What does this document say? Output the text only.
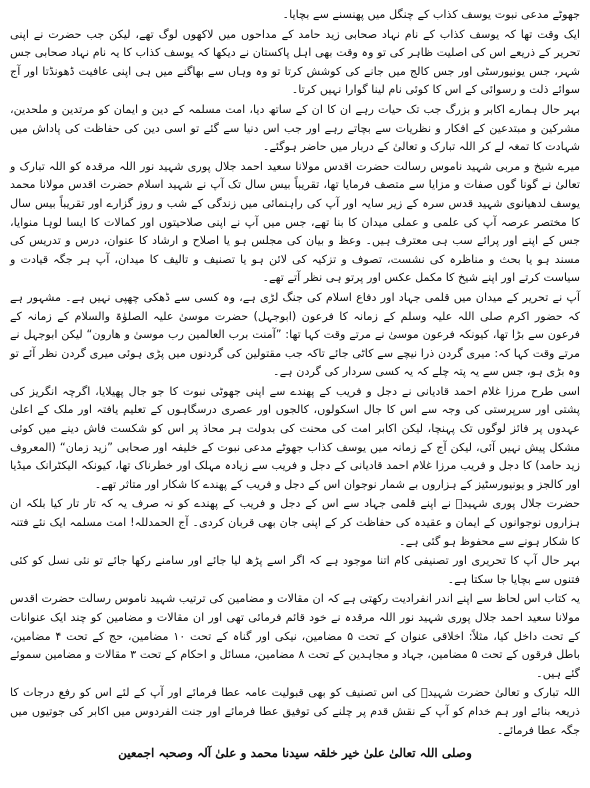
جھوٹے مدعی نبوت یوسف کذاب کے چنگل میں پھنسنے سے بچایا۔

ایک وقت تھا کہ یوسف کذاب کے نام نہاد صحابی زید حامد کے مداحوں میں لاکھوں لوگ تھے، لیکن جب حضرت نے اپنی تحریر کے ذریعے اس کی اصلیت ظاہر کی تو وہ وقت بھی اہل پاکستان نے دیکھا کہ یوسف کذاب کا یہ نام نہاد صحابی جس شہر، جس یونیورسٹی اور جس کالج میں جانے کی کوشش کرتا تو وہ وہاں سے بھاگنے میں ہی اپنی عافیت ڈھونڈتا اور آج سوائے ذلت و رسوائی کے اس کا کوئی نام لینا گوارا نہیں کرتا۔

بہر حال ہمارے اکابر و بزرگ جب تک حیات رہے ان کا ان کے ساتھ دیا، امت مسلمہ کے دین و ایمان کو مرتدین و ملحدین، مشرکین و مبتدعین کے افکار و نظریات سے بچاتے رہے اور جب اس دنیا سے گئے تو اسی دین کی حفاظت کی پاداش میں شہادت کا تمغہ لے کر اللہ تبارک و تعالیٰ کے دربار میں حاضر ہوگئے۔

میرے شیخ و مربی شہید ناموس رسالت حضرت اقدس مولانا سعید احمد جلال پوری شہید نور اللہ مرقدہ کو اللہ تبارک و تعالیٰ نے گونا گوں صفات و مزایا سے متصف فرمایا تھا، تقریباً بیس سال تک آپ نے شہید اسلام حضرت اقدس مولانا محمد یوسف لدھیانوی شہید قدس سرہ کے زیر سایہ اور آپ کی راہنمائی میں زندگی کے شب و روز گزارے اور تقریباً بیس سال کا مختصر عرصہ آپ کی علمی و عملی میدان کا بنا تھے، جس میں آپ نے اپنی صلاحیتوں اور کمالات کا ایسا لوہا منوایا، جس کے اپنے اور پرائے سب ہی معترف ہیں۔ وعظ و بیان کی مجلس ہو یا اصلاح و ارشاد کا عنوان، درس و تدریس کی مسند ہو یا بحث و مناظرہ کی نشست، تصوف و تزکیہ کی لائن ہو یا تصنیف و تالیف کا میدان، آپ ہر جگہ قیادت و سیاست کرتے اور اپنے شیخ کا مکمل عکس اور پرتو ہی نظر آتے تھے۔

آپ نے تحریر کے میدان میں قلمی جہاد اور دفاع اسلام کی جنگ لڑی ہے، وہ کسی سے ڈھکی چھپی نہیں ہے۔ مشہور ہے کہ حضور اکرم صلی اللہ علیہ وسلم کے زمانہ کا فرعون (ابوجہل) حضرت موسیٰ علیہ الصلوٰۃ والسلام کے زمانہ کے فرعون سے بڑا تھا، کیونکہ فرعون موسیٰ نے مرتے وقت کہا تھا: ”آمنت برب العالمین رب موسیٰ و ھارون“ لیکن ابوجہل نے مرتے وقت کہا کہ: میری گردن ذرا نیچے سے کاٹی جائے تاکہ جب مقتولین کی گردنوں میں پڑی ہوئی میری گردن نظر آئے تو وہ بڑی ہو، جس سے یہ پتہ چلے کہ یہ کسی سردار کی گردن ہے۔

اسی طرح مرزا غلام احمد قادیانی نے دجل و فریب کے پھندے سے اپنی جھوٹی نبوت کا جو جال پھیلایا، اگرچہ انگریز کی پشتی اور سرپرستی کی وجہ سے اس کا جال اسکولوں، کالجوں اور عصری درسگاہوں کے تعلیم یافتہ اور ملک کے اعلیٰ عہدوں پر فائز لوگوں تک پہنچا، لیکن اکابر امت کی محنت کی بدولت ہر محاذ پر اس کو شکست فاش دینے میں کوئی مشکل پیش نہیں آئی، لیکن آج کے زمانہ میں یوسف کذاب جھوٹے مدعی نبوت کے خلیفہ اور صحابی ”زید زمان“ (المعروف زید حامد) کا دجل و فریب مرزا غلام احمد قادیانی کے دجل و فریب سے زیادہ مہلک اور خطرناک تھا، کیونکہ الیکٹرانک میڈیا اور کالجز و یونیورسٹیز کے ہزاروں بے شمار نوجوان اس کے دجل و فریب کے پھندے کا شکار اور متاثر تھے۔

حضرت جلال پوری شہیدؒ نے اپنے قلمی جہاد سے اس کے دجل و فریب کے پھندے کو نہ صرف یہ کہ تار تار کیا بلکہ ان ہزاروں نوجوانوں کے ایمان و عقیدہ کی حفاظت کر کے اپنی جان بھی قربان کردی۔ آج الحمدللہ! امت مسلمہ ایک نئے فتنہ کا شکار ہونے سے محفوظ ہو گئی ہے۔

بہر حال آپ کا تحریری اور تصنیفی کام اتنا موجود ہے کہ اگر اسے پڑھ لیا جائے اور سامنے رکھا جائے تو نئی نسل کو کئی فتنوں سے بچایا جا سکتا ہے۔

یہ کتاب اس لحاظ سے اپنے اندر انفرادیت رکھتی ہے کہ ان مقالات و مضامین کی ترتیب شہید ناموس رسالت حضرت اقدس مولانا سعید احمد جلال پوری شہید نور اللہ مرقدہ نے خود قائم فرمائی تھی اور ان مقالات و مضامین کو چند ایک عنوانات کے تحت داخل کیا، مثلاً: اخلاقی عنوان کے تحت ۵ مضامین، نیکی اور گناہ کے تحت ۱۰ مضامین، حج کے تحت ۴ مضامین، باطل فرقوں کے تحت ۵ مضامین، جہاد و مجاہدین کے تحت ۸ مضامین، مسائل و احکام کے تحت ۳ مقالات و مضامین سموئے گئے ہیں۔

اللہ تبارک و تعالیٰ حضرت شہیدؒ کی اس تصنیف کو بھی قبولیت عامہ عطا فرمائے اور آپ کے لئے اس کو رفع درجات کا ذریعہ بنائے اور ہم خدام کو آپ کے نقش قدم پر چلنے کی توفیق عطا فرمائے اور جنت الفردوس میں اکابر کی جوتیوں میں جگہ عطا فرمائے۔

وصلی اللہ تعالیٰ علیٰ خیر خلقہ سیدنا محمد و علیٰ آلہ وصحبہ اجمعین
